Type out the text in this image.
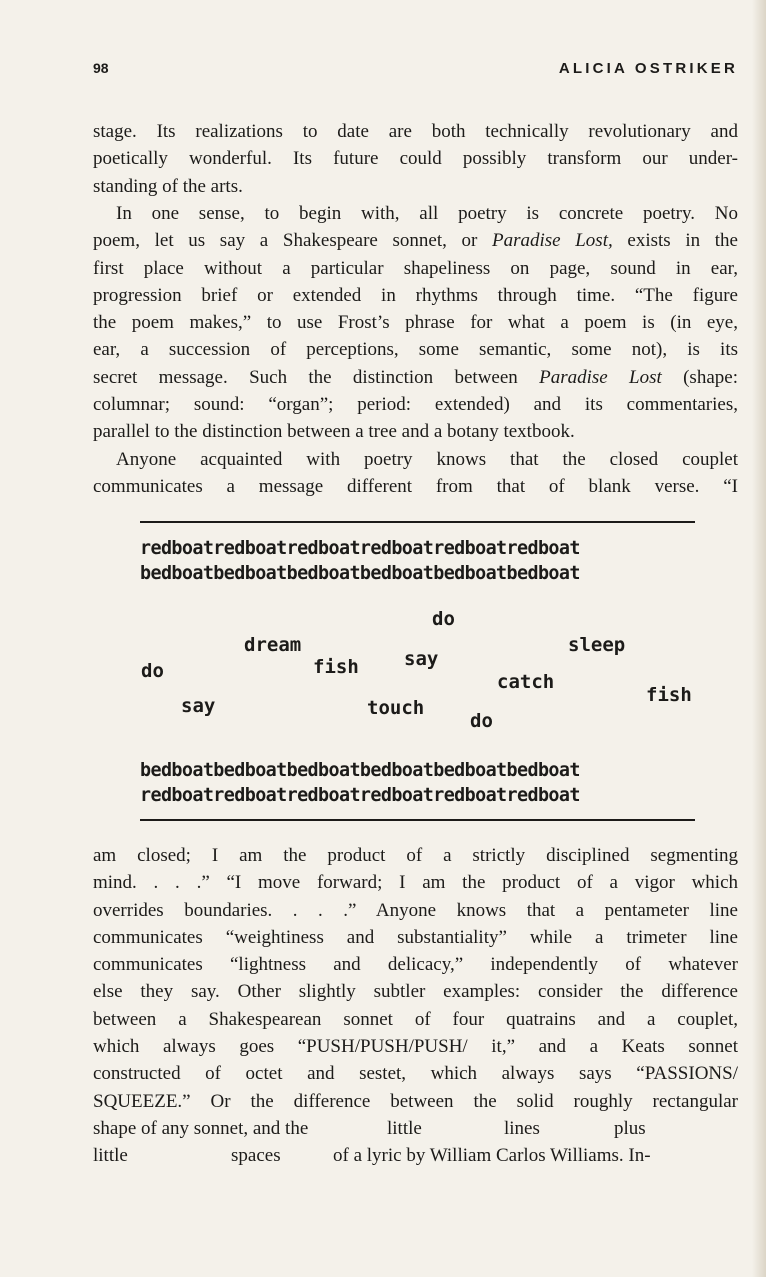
98	ALICIA OSTRIKER
stage. Its realizations to date are both technically revolutionary and
poetically wonderful. Its future could possibly transform our under-
standing of the arts.
In one sense, to begin with, all poetry is concrete poetry. No
poem, let us say a Shakespeare sonnet, or Paradise Lost, exists in the
first place without a particular shapeliness on page, sound in ear,
progression brief or extended in rhythms through time. “The figure
the poem makes,” to use Frost’s phrase for what a poem is (in eye,
ear, a succession of perceptions, some semantic, some not), is its
secret message. Such the distinction between Paradise Lost (shape:
columnar; sound: “organ”; period: extended) and its commentaries,
parallel to the distinction between a tree and a botany textbook.
Anyone acquainted with poetry knows that the closed couplet
communicates a message different from that of blank verse. “I
redboatredboatredboatredboatredboatredboat
bedboatbedboatbedboatbedboatbedboatbedboat
do
dream	sleep
say
do	fish
catch
fish
say	touch
do
bedboatbedboatbedboatbedboatbedboatbedboat
redboatredboatredboatredboatredboatredboat
am closed; I am the product of a strictly disciplined segmenting
mind. . . .” “I move forward; I am the product of a vigor which
overrides boundaries. . . .” Anyone knows that a pentameter line
communicates “weightiness and substantiality” while a trimeter line
communicates “lightness and delicacy,” independently of whatever
else they say. Other slightly subtler examples: consider the difference
between a Shakespearean sonnet of four quatrains and a couplet,
which always goes “PUSH/PUSH/PUSH/ it,” and a Keats sonnet
constructed of octet and sestet, which always says “PASSIONS/
SQUEEZE.” Or the difference between the solid roughly rectangular
shape of any sonnet, and the	little	lines	plus
little	spaces	of a lyric by William Carlos Williams. In-
